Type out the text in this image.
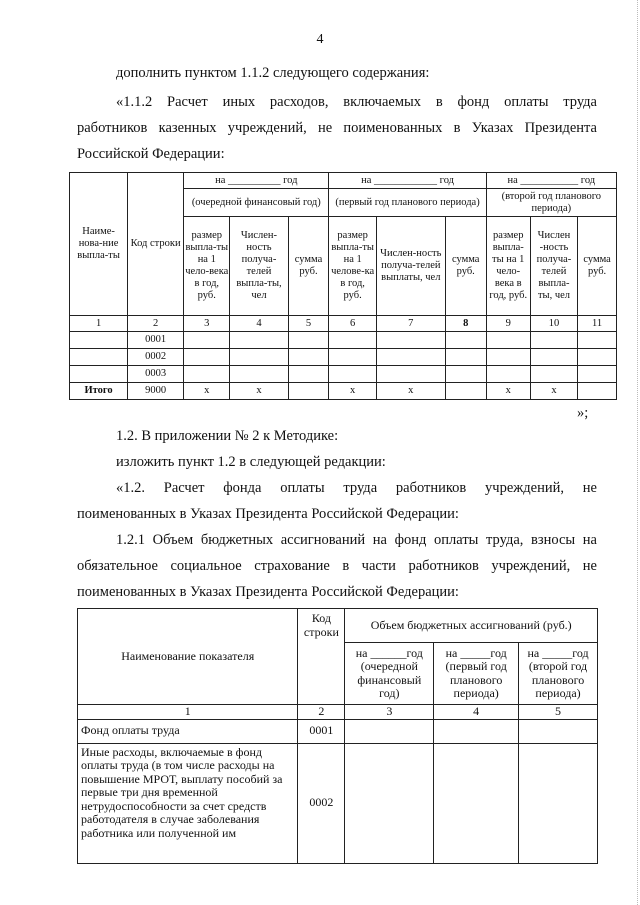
4
дополнить пунктом 1.1.2 следующего содержания:
«1.1.2 Расчет иных расходов, включаемых в фонд оплаты труда
работников казенных учреждений, не поименованных в Указах Президента
Российской Федерации:
Наиме-нова-ние выпла-ты	Код строки	на __________ год			на ____________ год			на ___________ год		
		(очередной финансовый год)			(первый год планового периода)			(второй год планового периода)		
		размер выпла-ты на 1 чело-века в год, руб.	Числен-ность получа-телей выпла-ты, чел	сумма руб.	размер выпла-ты на 1 челове-ка в год, руб.	Числен-ность получа-телей выплаты, чел	сумма руб.	размер выпла-ты на 1 чело-века в год, руб.	Числен -ность получа-телей выпла-ты, чел	сумма руб.
1	2	3	4	5	6	7	8	9	10	11
	0001									
	0002									
	0003									
Итого	9000	x	x		x	x		x	x	
»;
1.2. В приложении № 2 к Методике:
изложить пункт 1.2 в следующей редакции:
«1.2. Расчет фонда оплаты труда работников учреждений, не
поименованных в Указах Президента Российской Федерации:
1.2.1 Объем бюджетных ассигнований на фонд оплаты труда, взносы на
обязательное социальное страхование в части работников учреждений, не
поименованных в Указах Президента Российской Федерации:
Наименование показателя	Код строки	Объем бюджетных ассигнований (руб.)		
		на ______год (очередной финансовый год)	на _____год (первый год планового периода)	на _____год (второй год планового периода)
1	2	3	4	5
Фонд оплаты труда	0001			
Иные расходы, включаемые в фонд оплаты труда (в том числе расходы на повышение МРОТ, выплату пособий за первые три дня временной нетрудоспособности за счет средств работодателя в случае заболевания работника или полученной им	0002			
